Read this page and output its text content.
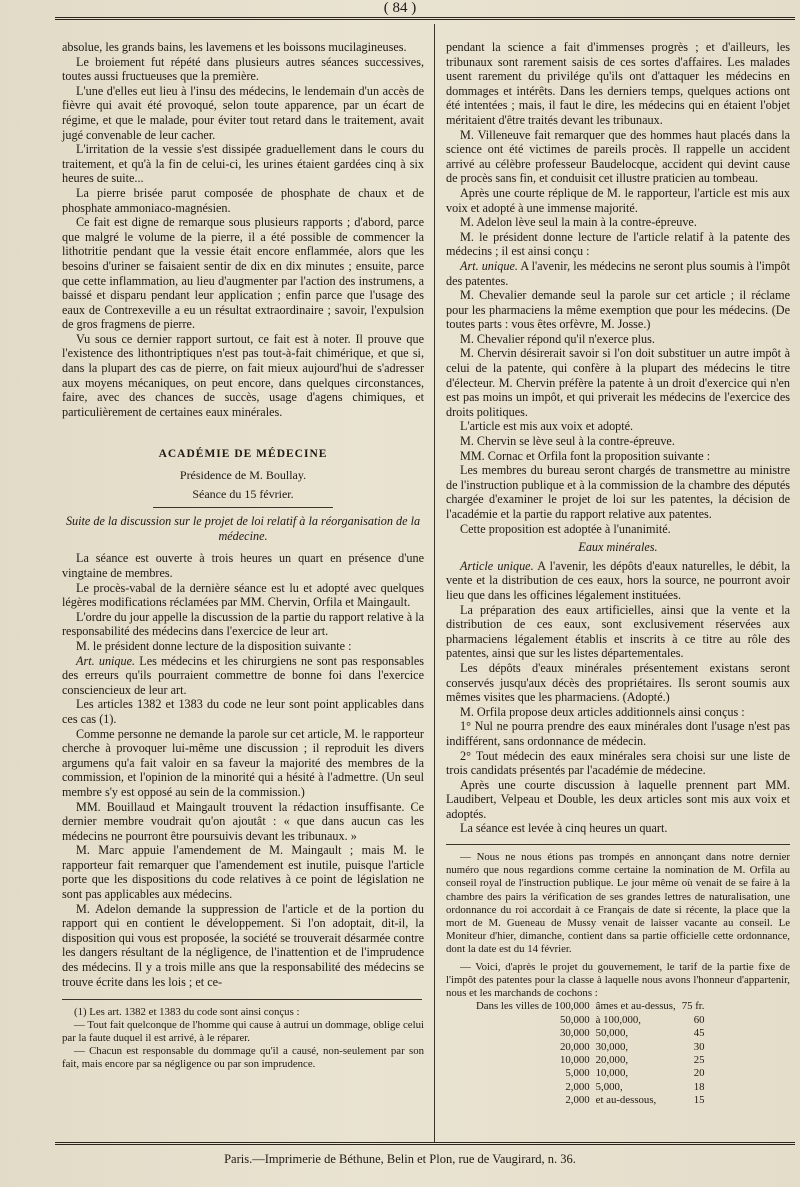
( 84 )

absolue, les grands bains, les lavemens et les boissons mucilagineuses.

Le broiement fut répété dans plusieurs autres séances successives, toutes aussi fructueuses que la première.

L'une d'elles eut lieu à l'insu des médecins, le lendemain d'un accès de fièvre qui avait été provoqué, selon toute apparence, par un écart de régime, et que le malade, pour éviter tout retard dans le traitement, avait jugé convenable de leur cacher.

L'irritation de la vessie s'est dissipée graduellement dans le cours du traitement, et qu'à la fin de celui-ci, les urines étaient gardées cinq à six heures de suite...

La pierre brisée parut composée de phosphate de chaux et de phosphate ammoniaco-magnésien.

Ce fait est digne de remarque sous plusieurs rapports ; d'abord, parce que malgré le volume de la pierre, il a été possible de commencer la lithotritie pendant que la vessie était encore enflammée, alors que les besoins d'uriner se faisaient sentir de dix en dix minutes ; ensuite, parce que cette inflammation, au lieu d'augmenter par l'action des instrumens, a baissé et disparu pendant leur application ; enfin parce que l'usage des eaux de Contrexeville a eu un résultat extraordinaire ; savoir, l'expulsion de gros fragmens de pierre.

Vu sous ce dernier rapport surtout, ce fait est à noter. Il prouve que l'existence des lithontriptiques n'est pas tout-à-fait chimérique, et que si, dans la plupart des cas de pierre, on fait mieux aujourd'hui de s'adresser aux moyens mécaniques, on peut encore, dans quelques circonstances, faire, avec des chances de succès, usage d'agens chimiques, et particulièrement de certaines eaux minérales.

ACADÉMIE DE MÉDECINE

Présidence de M. Boullay.

Séance du 15 février.

Suite de la discussion sur le projet de loi relatif à la réorganisation de la médecine.

La séance est ouverte à trois heures un quart en présence d'une vingtaine de membres.

Le procès-vabal de la dernière séance est lu et adopté avec quelques légères modifications réclamées par MM. Chervin, Orfila et Maingault.

L'ordre du jour appelle la discussion de la partie du rapport relative à la responsabilité des médecins dans l'exercice de leur art.

M. le président donne lecture de la disposition suivante :

Art. unique. Les médecins et les chirurgiens ne sont pas responsables des erreurs qu'ils pourraient commettre de bonne foi dans l'exercice consciencieux de leur art.

Les articles 1382 et 1383 du code ne leur sont point applicables dans ces cas (1).

Comme personne ne demande la parole sur cet article, M. le rapporteur cherche à provoquer lui-même une discussion ; il reproduit les divers argumens qu'a fait valoir en sa faveur la majorité des membres de la commission, et l'opinion de la minorité qui a hésité à l'admettre. (Un seul membre s'y est opposé au sein de la commission.)

MM. Bouillaud et Maingault trouvent la rédaction insuffisante. Ce dernier membre voudrait qu'on ajoutât : « que dans aucun cas les médecins ne pourront être poursuivis devant les tribunaux. »

M. Marc appuie l'amendement de M. Maingault ; mais M. le rapporteur fait remarquer que l'amendement est inutile, puisque l'article porte que les dispositions du code relatives à ce point de législation ne sont pas applicables aux médecins.

M. Adelon demande la suppression de l'article et de la portion du rapport qui en contient le développement. Si l'on adoptait, dit-il, la disposition qui vous est proposée, la société se trouverait désarmée contre les dangers résultant de la négligence, de l'inattention et de l'imprudence des médecins. Il y a trois mille ans que la responsabilité des médecins se trouve écrite dans les lois ; et ce-

(1) Les art. 1382 et 1383 du code sont ainsi conçus :

— Tout fait quelconque de l'homme qui cause à autrui un dommage, oblige celui par la faute duquel il est arrivé, à le réparer.

— Chacun est responsable du dommage qu'il a causé, non-seulement par son fait, mais encore par sa négligence ou par son imprudence.

pendant la science a fait d'immenses progrès ; et d'ailleurs, les tribunaux sont rarement saisis de ces sortes d'affaires. Les malades usent rarement du privilége qu'ils ont d'attaquer les médecins en dommages et intérêts. Dans les derniers temps, quelques actions ont été intentées ; mais, il faut le dire, les médecins qui en étaient l'objet méritaient d'être traités devant les tribunaux.

M. Villeneuve fait remarquer que des hommes haut placés dans la science ont été victimes de pareils procès. Il rappelle un accident arrivé au célèbre professeur Baudelocque, accident qui devint cause de procès sans fin, et conduisit cet illustre praticien au tombeau.

Après une courte réplique de M. le rapporteur, l'article est mis aux voix et adopté à une immense majorité.

M. Adelon lève seul la main à la contre-épreuve.

M. le président donne lecture de l'article relatif à la patente des médecins ; il est ainsi conçu :

Art. unique. A l'avenir, les médecins ne seront plus soumis à l'impôt des patentes.

M. Chevalier demande seul la parole sur cet article ; il réclame pour les pharmaciens la même exemption que pour les médecins. (De toutes parts : vous êtes orfèvre, M. Josse.)

M. Chevalier répond qu'il n'exerce plus.

M. Chervin désirerait savoir si l'on doit substituer un autre impôt à celui de la patente, qui confère à la plupart des médecins le titre d'électeur. M. Chervin préfère la patente à un droit d'exercice qui n'en est pas moins un impôt, et qui priverait les médecins de l'exercice des droits politiques.

L'article est mis aux voix et adopté.

M. Chervin se lève seul à la contre-épreuve.

MM. Cornac et Orfila font la proposition suivante :

Les membres du bureau seront chargés de transmettre au ministre de l'instruction publique et à la commission de la chambre des députés chargée d'examiner le projet de loi sur les patentes, la décision de l'académie et la partie du rapport relative aux patentes.

Cette proposition est adoptée à l'unanimité.

Eaux minérales.

Article unique. A l'avenir, les dépôts d'eaux naturelles, le débit, la vente et la distribution de ces eaux, hors la source, ne pourront avoir lieu que dans les officines légalement instituées.

La préparation des eaux artificielles, ainsi que la vente et la distribution de ces eaux, sont exclusivement réservées aux pharmaciens légalement établis et inscrits à ce titre au rôle des patentes, ainsi que sur les listes départementales.

Les dépôts d'eaux minérales présentement existans seront conservés jusqu'aux décès des propriétaires. Ils seront soumis aux mêmes visites que les pharmaciens. (Adopté.)

M. Orfila propose deux articles additionnels ainsi conçus :

1° Nul ne pourra prendre des eaux minérales dont l'usage n'est pas indifférent, sans ordonnance de médecin.

2° Tout médecin des eaux minérales sera choisi sur une liste de trois candidats présentés par l'académie de médecine.

Après une courte discussion à laquelle prennent part MM. Laudibert, Velpeau et Double, les deux articles sont mis aux voix et adoptés.

La séance est levée à cinq heures un quart.

— Nous ne nous étions pas trompés en annonçant dans notre dernier numéro que nous regardions comme certaine la nomination de M. Orfila au conseil royal de l'instruction publique. Le jour même où venait de se faire à la chambre des pairs la vérification de ses grandes lettres de naturalisation, une ordonnance du roi accordait à ce Français de date si récente, la place que la mort de M. Gueneau de Mussy venait de laisser vacante au conseil. Le Moniteur d'hier, dimanche, contient dans sa partie officielle cette ordonnance, dont la date est du 14 février.

— Voici, d'après le projet du gouvernement, le tarif de la partie fixe de l'impôt des patentes pour la classe à laquelle nous avons l'honneur d'appartenir, nous et les marchands de cochons :

Dans les villes de 100,000	âmes et au-dessus,	75 fr.
50,000	à 100,000,	60
30,000	50,000,	45
20,000	30,000,	30
10,000	20,000,	25
5,000	10,000,	20
2,000	5,000,	18
2,000	et au-dessous,	15
Paris.—Imprimerie de Béthune, Belin et Plon, rue de Vaugirard, n. 36.
